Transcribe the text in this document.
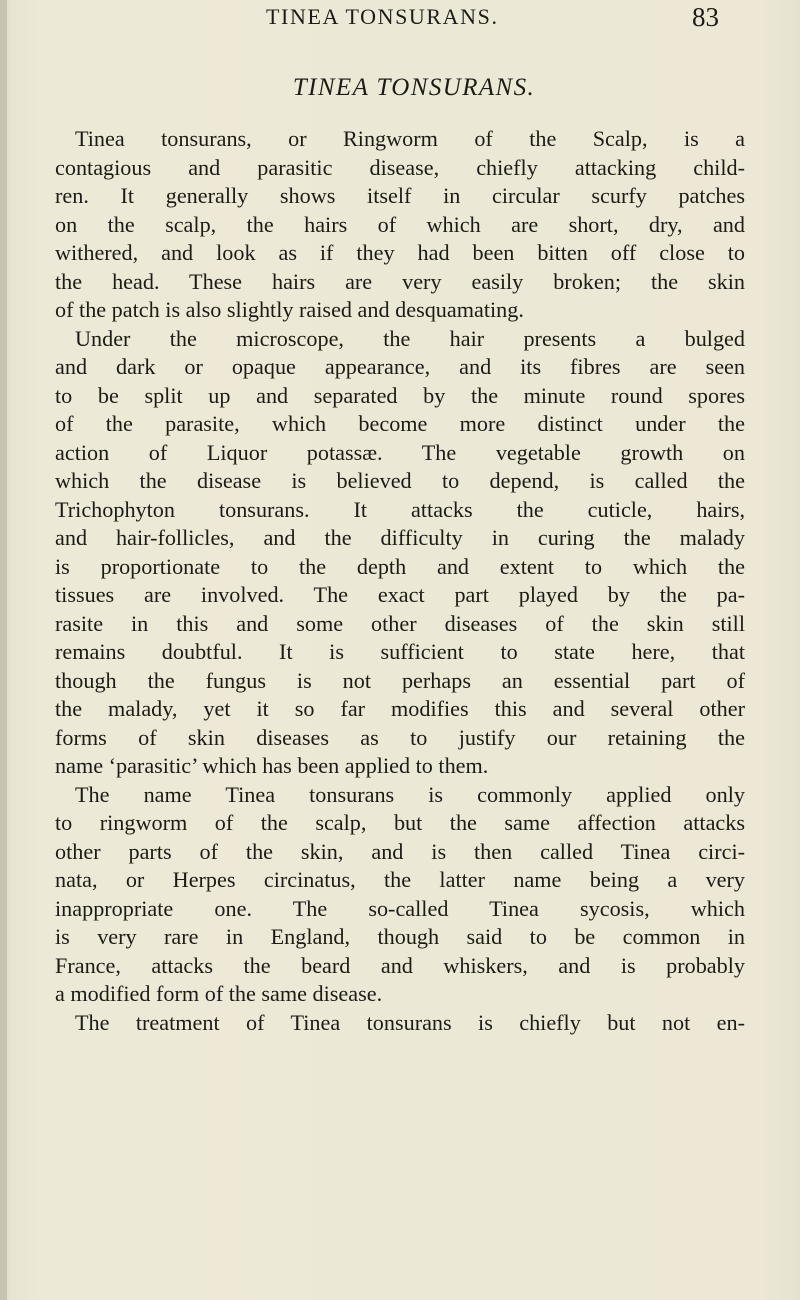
TINEA TONSURANS.	83
TINEA TONSURANS.
Tinea tonsurans, or Ringworm of the Scalp, is a
contagious and parasitic disease, chiefly attacking child-
ren. It generally shows itself in circular scurfy patches
on the scalp, the hairs of which are short, dry, and
withered, and look as if they had been bitten off close to
the head. These hairs are very easily broken; the skin
of the patch is also slightly raised and desquamating.
Under the microscope, the hair presents a bulged
and dark or opaque appearance, and its fibres are seen
to be split up and separated by the minute round spores
of the parasite, which become more distinct under the
action of Liquor potassæ. The vegetable growth on
which the disease is believed to depend, is called the
Trichophyton tonsurans. It attacks the cuticle, hairs,
and hair-follicles, and the difficulty in curing the malady
is proportionate to the depth and extent to which the
tissues are involved. The exact part played by the pa-
rasite in this and some other diseases of the skin still
remains doubtful. It is sufficient to state here, that
though the fungus is not perhaps an essential part of
the malady, yet it so far modifies this and several other
forms of skin diseases as to justify our retaining the
name ‘parasitic’ which has been applied to them.
The name Tinea tonsurans is commonly applied only
to ringworm of the scalp, but the same affection attacks
other parts of the skin, and is then called Tinea circi-
nata, or Herpes circinatus, the latter name being a very
inappropriate one. The so-called Tinea sycosis, which
is very rare in England, though said to be common in
France, attacks the beard and whiskers, and is probably
a modified form of the same disease.
The treatment of Tinea tonsurans is chiefly but not en-
